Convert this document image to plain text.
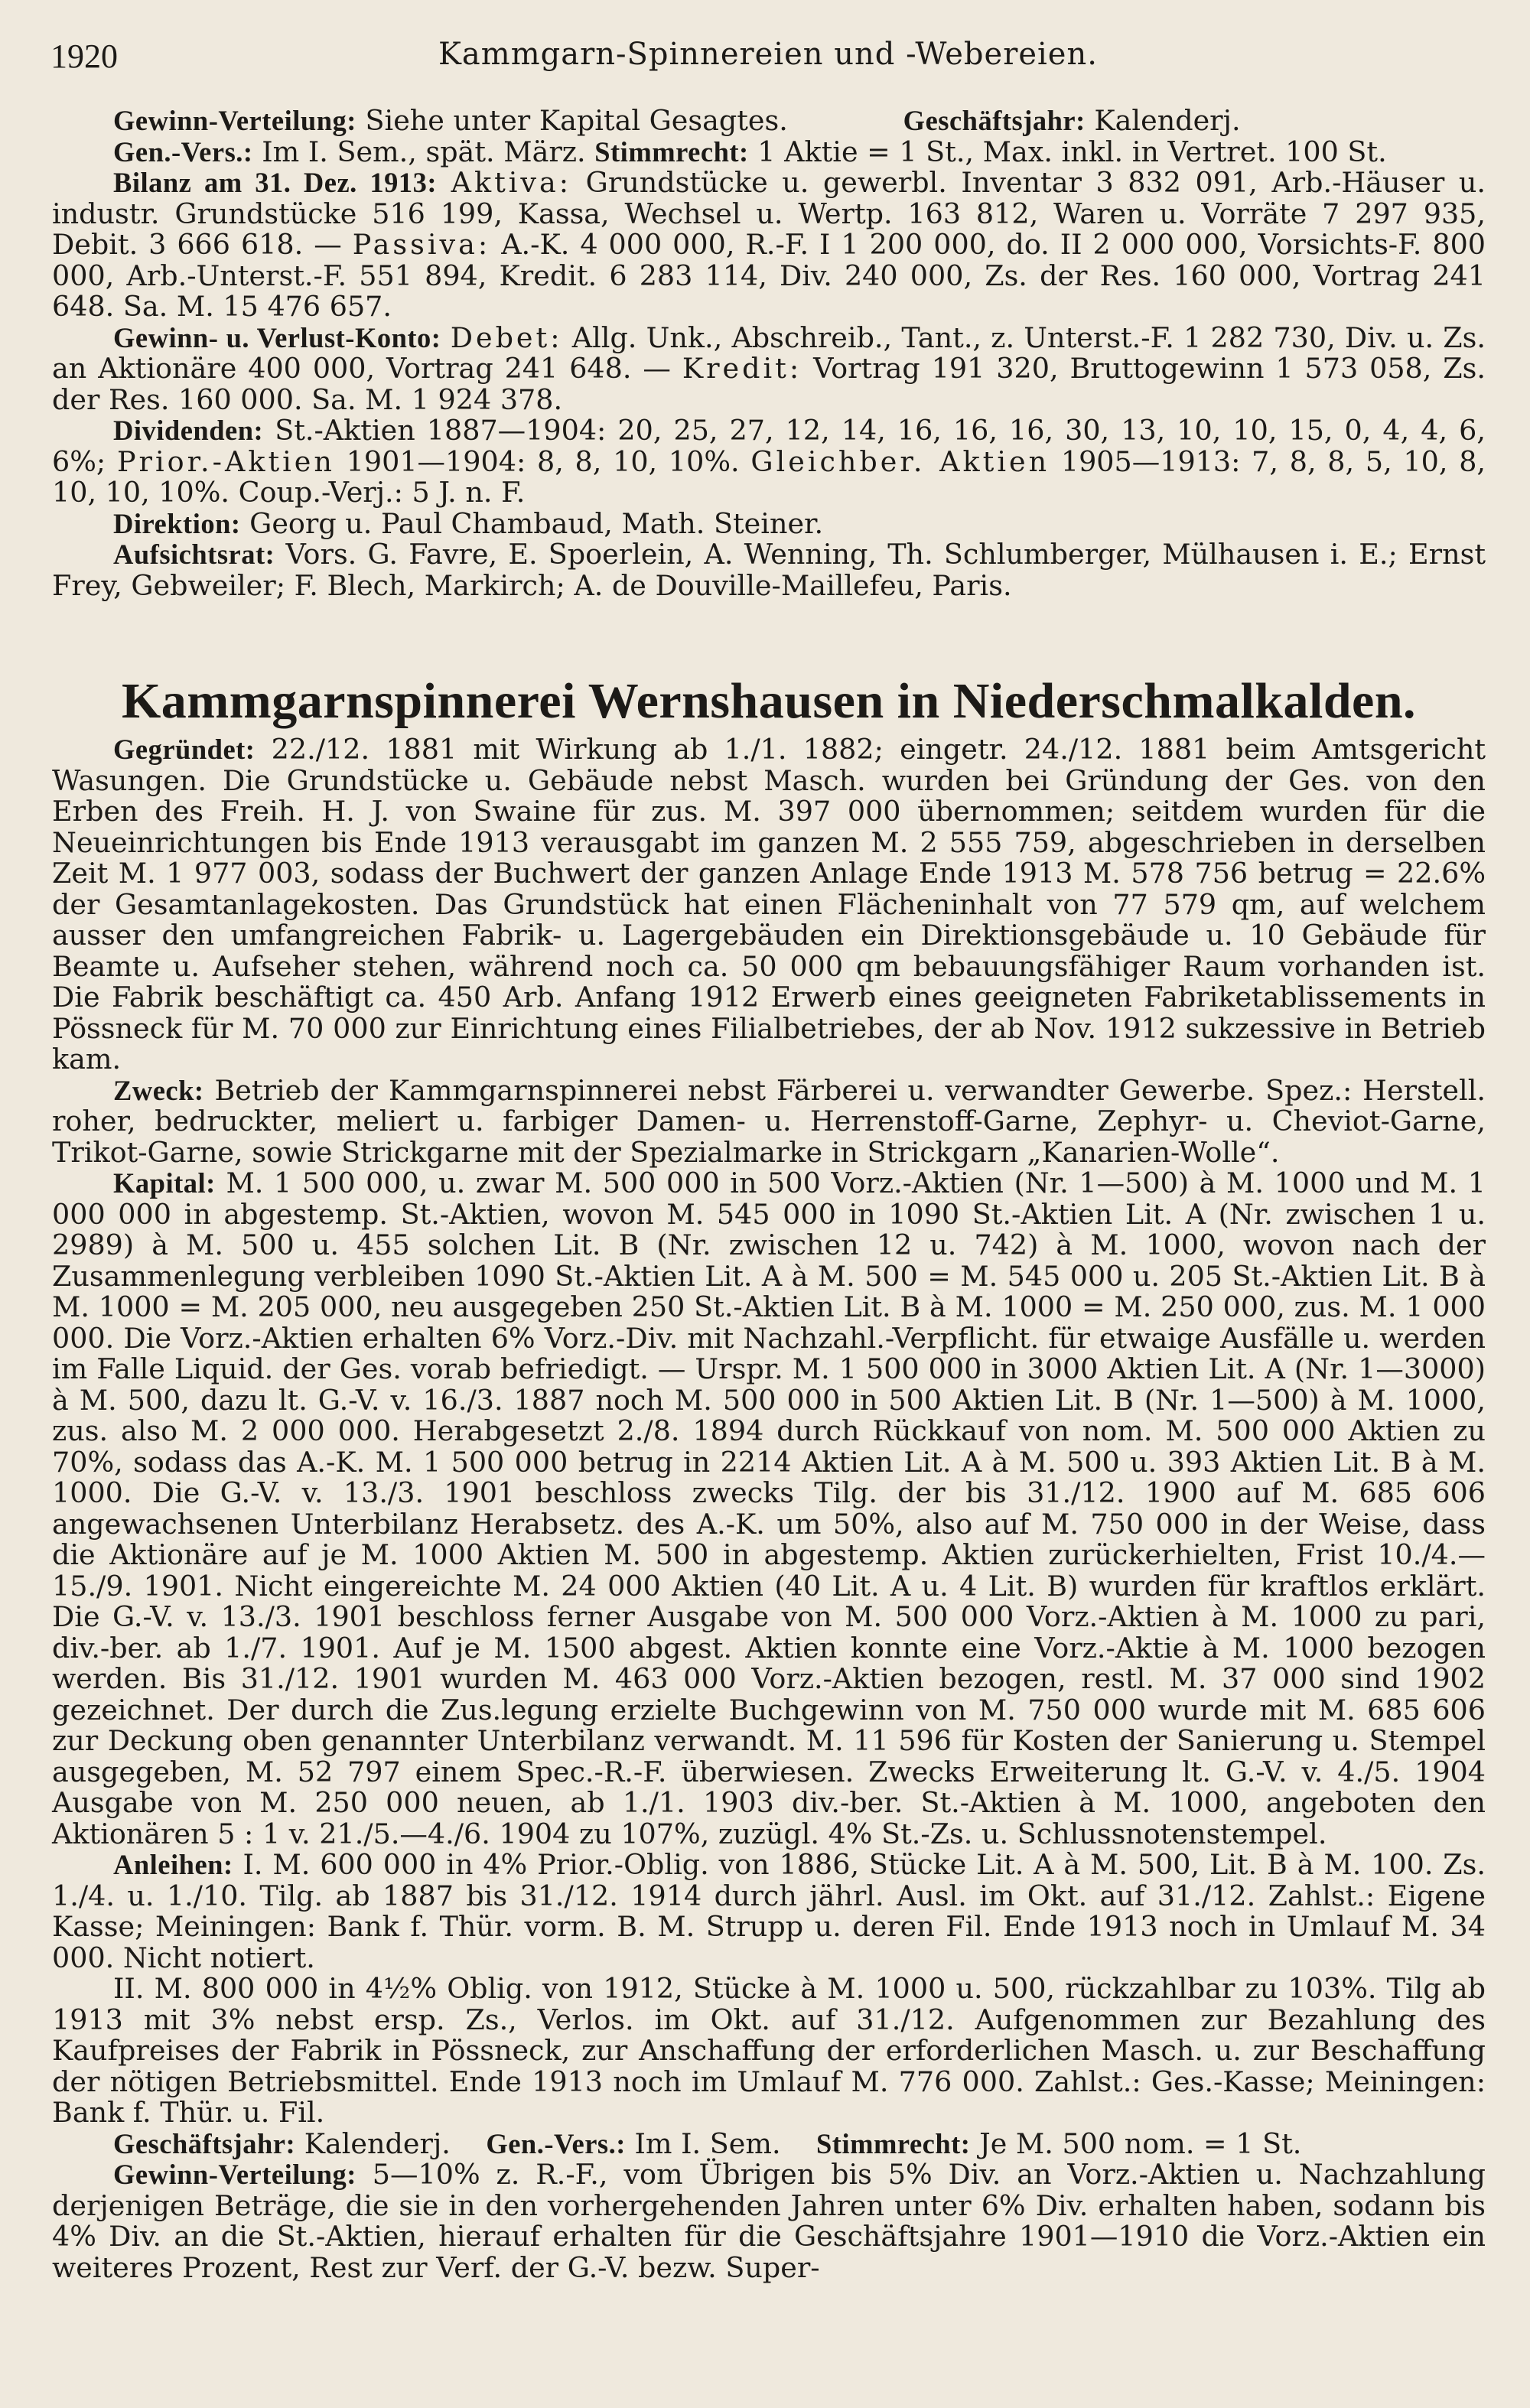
1920	Kammgarn-Spinnereien und -Webereien.

Gewinn-Verteilung: Siehe unter Kapital Gesagtes.	Geschäftsjahr: Kalenderj.

Gen.-Vers.: Im I. Sem., spät. März. Stimmrecht: 1 Aktie = 1 St., Max. inkl. in Vertret. 100 St.

Bilanz am 31. Dez. 1913: Aktiva: Grundstücke u. gewerbl. Inventar 3 832 091, Arb.-Häuser u. industr. Grundstücke 516 199, Kassa, Wechsel u. Wertp. 163 812, Waren u. Vorräte 7 297 935, Debit. 3 666 618. — Passiva: A.-K. 4 000 000, R.-F. I 1 200 000, do. II 2 000 000, Vorsichts-F. 800 000, Arb.-Unterst.-F. 551 894, Kredit. 6 283 114, Div. 240 000, Zs. der Res. 160 000, Vortrag 241 648. Sa. M. 15 476 657.

Gewinn- u. Verlust-Konto: Debet: Allg. Unk., Abschreib., Tant., z. Unterst.-F. 1 282 730, Div. u. Zs. an Aktionäre 400 000, Vortrag 241 648. — Kredit: Vortrag 191 320, Bruttogewinn 1 573 058, Zs. der Res. 160 000. Sa. M. 1 924 378.

Dividenden: St.-Aktien 1887—1904: 20, 25, 27, 12, 14, 16, 16, 16, 30, 13, 10, 10, 15, 0, 4, 4, 6, 6%; Prior.-Aktien 1901—1904: 8, 8, 10, 10%. Gleichber. Aktien 1905—1913: 7, 8, 8, 5, 10, 8, 10, 10, 10%. Coup.-Verj.: 5 J. n. F.

Direktion: Georg u. Paul Chambaud, Math. Steiner.

Aufsichtsrat: Vors. G. Favre, E. Spoerlein, A. Wenning, Th. Schlumberger, Mülhausen i. E.; Ernst Frey, Gebweiler; F. Blech, Markirch; A. de Douville-Maillefeu, Paris.

Kammgarnspinnerei Wernshausen in Niederschmalkalden.

Gegründet: 22./12. 1881 mit Wirkung ab 1./1. 1882; eingetr. 24./12. 1881 beim Amtsgericht Wasungen. Die Grundstücke u. Gebäude nebst Masch. wurden bei Gründung der Ges. von den Erben des Freih. H. J. von Swaine für zus. M. 397 000 übernommen; seitdem wurden für die Neueinrichtungen bis Ende 1913 verausgabt im ganzen M. 2 555 759, abgeschrieben in derselben Zeit M. 1 977 003, sodass der Buchwert der ganzen Anlage Ende 1913 M. 578 756 betrug = 22.6% der Gesamtanlagekosten. Das Grundstück hat einen Flächeninhalt von 77 579 qm, auf welchem ausser den umfangreichen Fabrik- u. Lagergebäuden ein Direktionsgebäude u. 10 Gebäude für Beamte u. Aufseher stehen, während noch ca. 50 000 qm bebauungsfähiger Raum vorhanden ist. Die Fabrik beschäftigt ca. 450 Arb. Anfang 1912 Erwerb eines geeigneten Fabriketablissements in Pössneck für M. 70 000 zur Einrichtung eines Filialbetriebes, der ab Nov. 1912 sukzessive in Betrieb kam.

Zweck: Betrieb der Kammgarnspinnerei nebst Färberei u. verwandter Gewerbe. Spez.: Herstell. roher, bedruckter, meliert u. farbiger Damen- u. Herrenstoff-Garne, Zephyr- u. Cheviot-Garne, Trikot-Garne, sowie Strickgarne mit der Spezialmarke in Strickgarn „Kanarien-Wolle“.

Kapital: M. 1 500 000, u. zwar M. 500 000 in 500 Vorz.-Aktien (Nr. 1—500) à M. 1000 und M. 1 000 000 in abgestemp. St.-Aktien, wovon M. 545 000 in 1090 St.-Aktien Lit. A (Nr. zwischen 1 u. 2989) à M. 500 u. 455 solchen Lit. B (Nr. zwischen 12 u. 742) à M. 1000, wovon nach der Zusammenlegung verbleiben 1090 St.-Aktien Lit. A à M. 500 = M. 545 000 u. 205 St.-Aktien Lit. B à M. 1000 = M. 205 000, neu ausgegeben 250 St.-Aktien Lit. B à M. 1000 = M. 250 000, zus. M. 1 000 000. Die Vorz.-Aktien erhalten 6% Vorz.-Div. mit Nachzahl.-Verpflicht. für etwaige Ausfälle u. werden im Falle Liquid. der Ges. vorab befriedigt. — Urspr. M. 1 500 000 in 3000 Aktien Lit. A (Nr. 1—3000) à M. 500, dazu lt. G.-V. v. 16./3. 1887 noch M. 500 000 in 500 Aktien Lit. B (Nr. 1—500) à M. 1000, zus. also M. 2 000 000. Herabgesetzt 2./8. 1894 durch Rückkauf von nom. M. 500 000 Aktien zu 70%, sodass das A.-K. M. 1 500 000 betrug in 2214 Aktien Lit. A à M. 500 u. 393 Aktien Lit. B à M. 1000. Die G.-V. v. 13./3. 1901 beschloss zwecks Tilg. der bis 31./12. 1900 auf M. 685 606 angewachsenen Unterbilanz Herabsetz. des A.-K. um 50%, also auf M. 750 000 in der Weise, dass die Aktionäre auf je M. 1000 Aktien M. 500 in abgestemp. Aktien zurückerhielten, Frist 10./4.—15./9. 1901. Nicht eingereichte M. 24 000 Aktien (40 Lit. A u. 4 Lit. B) wurden für kraftlos erklärt. Die G.-V. v. 13./3. 1901 beschloss ferner Ausgabe von M. 500 000 Vorz.-Aktien à M. 1000 zu pari, div.-ber. ab 1./7. 1901. Auf je M. 1500 abgest. Aktien konnte eine Vorz.-Aktie à M. 1000 bezogen werden. Bis 31./12. 1901 wurden M. 463 000 Vorz.-Aktien bezogen, restl. M. 37 000 sind 1902 gezeichnet. Der durch die Zus.legung erzielte Buchgewinn von M. 750 000 wurde mit M. 685 606 zur Deckung oben genannter Unterbilanz verwandt. M. 11 596 für Kosten der Sanierung u. Stempel ausgegeben, M. 52 797 einem Spec.-R.-F. überwiesen. Zwecks Erweiterung lt. G.-V. v. 4./5. 1904 Ausgabe von M. 250 000 neuen, ab 1./1. 1903 div.-ber. St.-Aktien à M. 1000, angeboten den Aktionären 5 : 1 v. 21./5.—4./6. 1904 zu 107%, zuzügl. 4% St.-Zs. u. Schlussnotenstempel.

Anleihen: I. M. 600 000 in 4% Prior.-Oblig. von 1886, Stücke Lit. A à M. 500, Lit. B à M. 100. Zs. 1./4. u. 1./10. Tilg. ab 1887 bis 31./12. 1914 durch jährl. Ausl. im Okt. auf 31./12. Zahlst.: Eigene Kasse; Meiningen: Bank f. Thür. vorm. B. M. Strupp u. deren Fil. Ende 1913 noch in Umlauf M. 34 000. Nicht notiert.

II. M. 800 000 in 4½% Oblig. von 1912, Stücke à M. 1000 u. 500, rückzahlbar zu 103%. Tilg ab 1913 mit 3% nebst ersp. Zs., Verlos. im Okt. auf 31./12. Aufgenommen zur Bezahlung des Kaufpreises der Fabrik in Pössneck, zur Anschaffung der erforderlichen Masch. u. zur Beschaffung der nötigen Betriebsmittel. Ende 1913 noch im Umlauf M. 776 000. Zahlst.: Ges.-Kasse; Meiningen: Bank f. Thür. u. Fil.

Geschäftsjahr: Kalenderj. Gen.-Vers.: Im I. Sem. Stimmrecht: Je M. 500 nom. = 1 St.

Gewinn-Verteilung: 5—10% z. R.-F., vom Übrigen bis 5% Div. an Vorz.-Aktien u. Nachzahlung derjenigen Beträge, die sie in den vorhergehenden Jahren unter 6% Div. erhalten haben, sodann bis 4% Div. an die St.-Aktien, hierauf erhalten für die Geschäftsjahre 1901—1910 die Vorz.-Aktien ein weiteres Prozent, Rest zur Verf. der G.-V. bezw. Super-
